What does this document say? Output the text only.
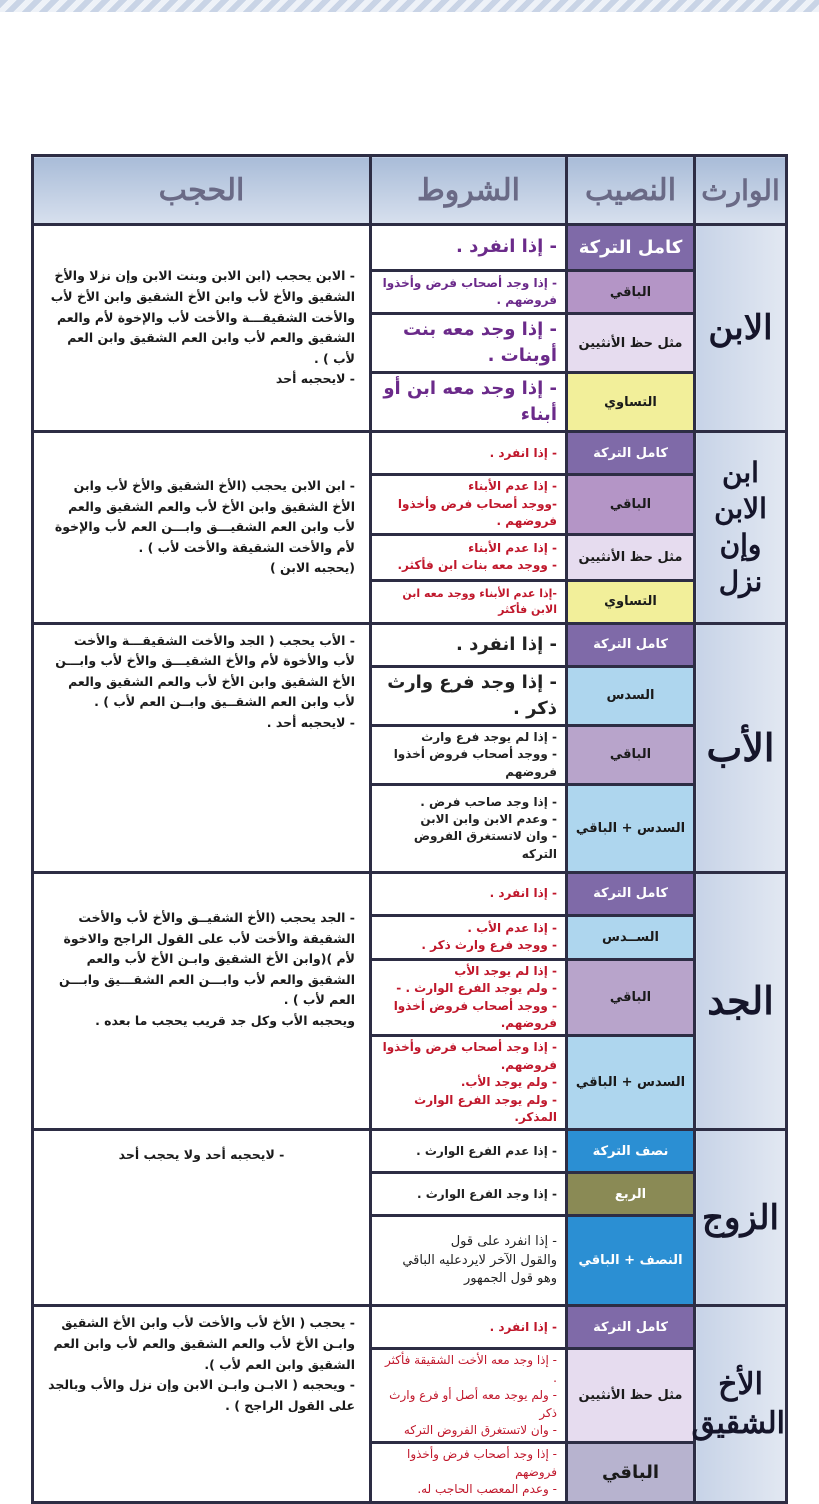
الوارث	النصيب	الشروط	الحجب
الابن	كامل التركة	- إذا انفرد .	- الابن يحجب (ابن الابن وبنت الابن وإن نزلا والأخ الشقيق والأخ لأب وابن الأخ الشقيق وابن الأخ لأب والأخت الشقيقـــة والأخت لأب والإخوة لأم والعم الشقيق والعم لأب وابن العم الشقيق وابن العم لأب ) .
- لايحجبه أحد

	الباقي	- إذا وجد أصحاب فرض وأخذوا فروضهم .	
	مثل حظ الأنثيين	- إذا وجد معه بنت أوبنات .	
	التساوي	- إذا وجد معه ابن أو أبناء	
ابن الابن وإن نزل	كامل التركة	- إذا انفرد .	- ابن الابن يحجب (الأخ الشقيق والأخ لأب وابن الأخ الشقيق وابن الأخ لأب والعم الشقيق والعم لأب وابن العم الشقيـــق وابـــن العم لأب والإخوة لأم والأخت الشقيقة والأخت لأب ) .
(يحجبه الابن )

	الباقي	- إذا عدم الأبناء
-ووجد أصحاب فرض وأخذوا فروضهم .	

	مثل حظ الأنثيين	- إذا عدم الأبناء
- ووجد معه بنات ابن فأكثر.	

	التساوي	-إذا عدم الأبناء ووجد معه ابن الابن فأكثر	
الأب	كامل التركة	- إذا انفرد .	- الأب يحجب ( الجد والأخت الشقيقـــة والأخت لأب والأخوة لأم والأخ الشقيـــق والأخ لأب وابـــن الأخ الشقيق وابن الأخ لأب والعم الشقيق والعم لأب وابن العم الشقــيق وابــن العم لأب ) .
- لايحجبه أحد .

	السدس	- إذا وجد فرع وارث ذكر .	
	الباقي	- إذا لم يوجد فرع وارث
- ووجد أصحاب فروض أخذوا فروضهم	

	السدس + الباقي	- إذا وجد صاحب فرض .
- وعدم الابن وابن الابن
- وان لاتستغرق الفروض التركه	

الجد	كامل التركة	- إذا انفرد .	- الجد يحجب (الأخ الشقيــق والأخ لأب والأخت الشقيقة والأخت لأب على القول الراجح والاخوة لأم )(وابن الأخ الشقيق وابـن الأخ لأب والعم الشقيق والعم لأب وابـــن العم الشقـــيق وابـــن العم لأب ) .
ويحجبه الأب وكل جد قريب يحجب ما بعده .

	الســدس	- إذا عدم الأب .
- ووجد فرع وارث ذكر .	

	الباقي	- إذا لم يوجد الأب
- ولم يوجد الفرع الوارث . -
- ووجد أصحاب فروض أخذوا فروضهم.	

	السدس + الباقي	- إذا وجد أصحاب فرض وأخذوا فروضهم.
- ولم يوجد الأب.
- ولم يوجد الفرع الوارث المذكر.	

الزوج	نصف التركة	- إذا عدم الفرع الوارث .	- لايحجبه أحد ولا يحجب أحد

	الربع	- إذا وجد الفرع الوارث .	
	النصف + الباقي	- إذا انفرد على قول
والقول الآخر لايردعليه الباقي
وهو قول الجمهور	

الأخ الشقيق	كامل التركة	- إذا انفرد .	- يحجب ( الأخ لأب والأخت لأب وابن الأخ الشقيق وابـن الأخ لأب والعم الشقيق والعم لأب وابن العم الشقيق وابن العم لأب ).
- ويحجبه ( الابـن وابـن الابن وإن نزل والأب وبالجد على القول الراجح ) .

	مثل حظ الأنثيين	- إذا وجد معه الأخت الشقيقة فأكثر .
- ولم يوجد معه أصل أو فرع وارث ذكر
- وان لاتستغرق الفروض التركه	

	الباقي	- إذا وجد أصحاب فرض وأخذوا فروضهم
- وعدم المعصب الحاجب له.	
